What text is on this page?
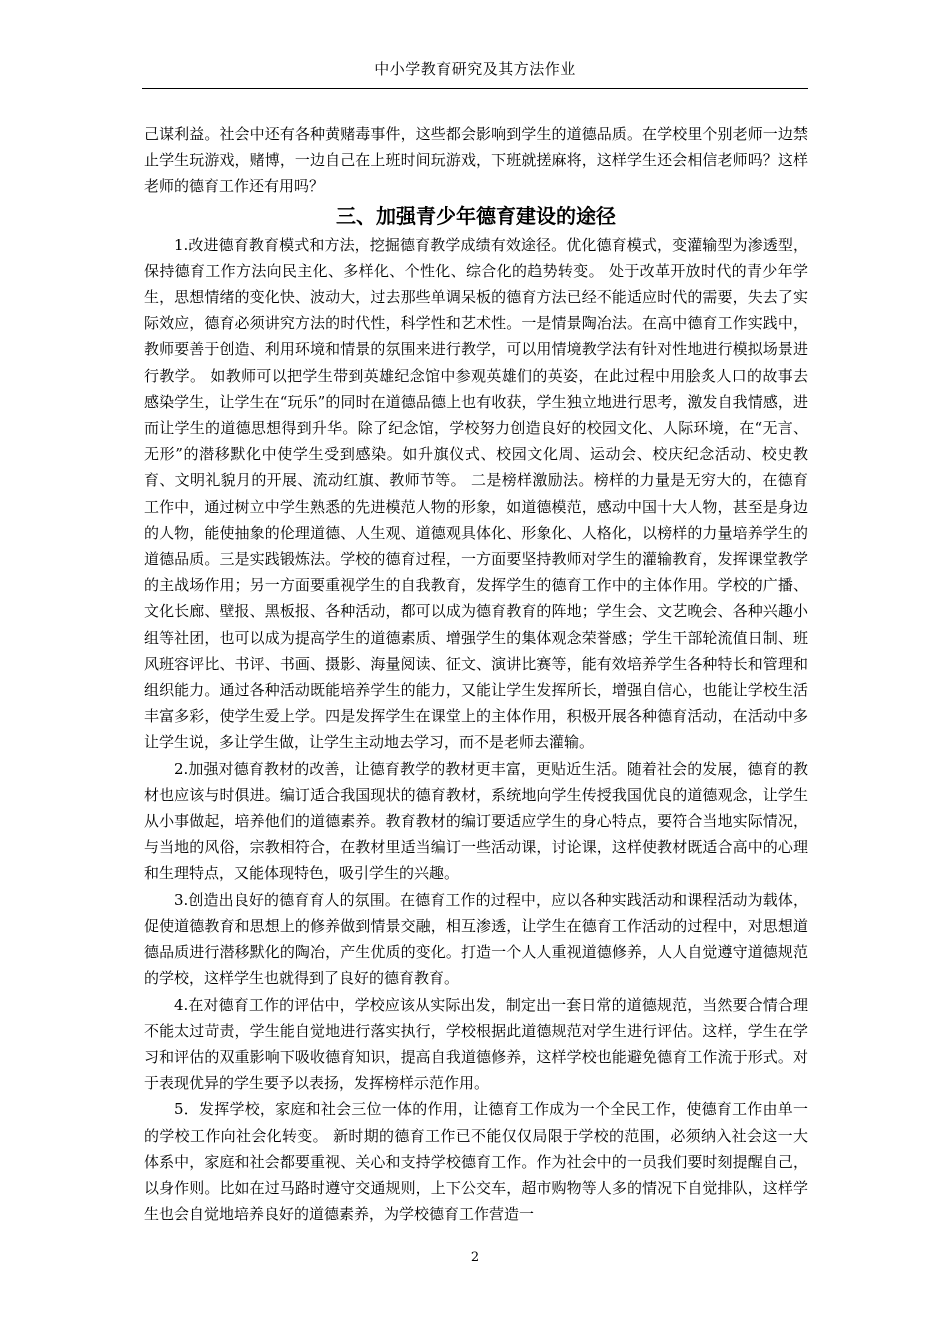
中小学教育研究及其方法作业

己谋利益。社会中还有各种黄赌毒事件，这些都会影响到学生的道德品质。在学校里个别老师一边禁止学生玩游戏，赌博，一边自己在上班时间玩游戏，下班就搓麻将，这样学生还会相信老师吗？这样老师的德育工作还有用吗？

三、加强青少年德育建设的途径

1.改进德育教育模式和方法，挖掘德育教学成绩有效途径。优化德育模式，变灌输型为渗透型，保持德育工作方法向民主化、多样化、个性化、综合化的趋势转变。 处于改革开放时代的青少年学生，思想情绪的变化快、波动大，过去那些单调呆板的德育方法已经不能适应时代的需要，失去了实际效应，德育必须讲究方法的时代性，科学性和艺术性。一是情景陶冶法。在高中德育工作实践中，教师要善于创造、利用环境和情景的氛围来进行教学，可以用情境教学法有针对性地进行模拟场景进行教学。 如教师可以把学生带到英雄纪念馆中参观英雄们的英姿，在此过程中用脍炙人口的故事去感染学生，让学生在“玩乐”的同时在道德品德上也有收获，学生独立地进行思考，激发自我情感，进而让学生的道德思想得到升华。除了纪念馆，学校努力创造良好的校园文化、人际环境，在“无言、无形”的潜移默化中使学生受到感染。如升旗仪式、校园文化周、运动会、校庆纪念活动、校史教育、文明礼貌月的开展、流动红旗、教师节等。 二是榜样激励法。榜样的力量是无穷大的，在德育工作中，通过树立中学生熟悉的先进模范人物的形象，如道德模范，感动中国十大人物，甚至是身边的人物，能使抽象的伦理道德、人生观、道德观具体化、形象化、人格化，以榜样的力量培养学生的道德品质。三是实践锻炼法。学校的德育过程，一方面要坚持教师对学生的灌输教育，发挥课堂教学的主战场作用；另一方面要重视学生的自我教育，发挥学生的德育工作中的主体作用。学校的广播、文化长廊、壁报、黑板报、各种活动，都可以成为德育教育的阵地；学生会、文艺晚会、各种兴趣小组等社团，也可以成为提高学生的道德素质、增强学生的集体观念荣誉感；学生干部轮流值日制、班风班容评比、书评、书画、摄影、海量阅读、征文、演讲比赛等，能有效培养学生各种特长和管理和组织能力。通过各种活动既能培养学生的能力，又能让学生发挥所长，增强自信心，也能让学校生活丰富多彩，使学生爱上学。四是发挥学生在课堂上的主体作用，积极开展各种德育活动，在活动中多让学生说，多让学生做，让学生主动地去学习，而不是老师去灌输。

2.加强对德育教材的改善，让德育教学的教材更丰富，更贴近生活。随着社会的发展，德育的教材也应该与时俱进。编订适合我国现状的德育教材，系统地向学生传授我国优良的道德观念，让学生从小事做起，培养他们的道德素养。教育教材的编订要适应学生的身心特点，要符合当地实际情况，与当地的风俗，宗教相符合，在教材里适当编订一些活动课，讨论课，这样使教材既适合高中的心理和生理特点，又能体现特色，吸引学生的兴趣。

3.创造出良好的德育育人的氛围。在德育工作的过程中，应以各种实践活动和课程活动为载体，促使道德教育和思想上的修养做到情景交融，相互渗透，让学生在德育工作活动的过程中，对思想道德品质进行潜移默化的陶冶，产生优质的变化。打造一个人人重视道德修养，人人自觉遵守道德规范的学校，这样学生也就得到了良好的德育教育。

4.在对德育工作的评估中，学校应该从实际出发，制定出一套日常的道德规范，当然要合情合理不能太过苛责，学生能自觉地进行落实执行，学校根据此道德规范对学生进行评估。这样，学生在学习和评估的双重影响下吸收德育知识，提高自我道德修养，这样学校也能避免德育工作流于形式。对于表现优异的学生要予以表扬，发挥榜样示范作用。

5．发挥学校，家庭和社会三位一体的作用，让德育工作成为一个全民工作，使德育工作由单一的学校工作向社会化转变。 新时期的德育工作已不能仅仅局限于学校的范围，必须纳入社会这一大体系中，家庭和社会都要重视、关心和支持学校德育工作。作为社会中的一员我们要时刻提醒自己，以身作则。比如在过马路时遵守交通规则，上下公交车，超市购物等人多的情况下自觉排队，这样学生也会自觉地培养良好的道德素养，为学校德育工作营造一

2
